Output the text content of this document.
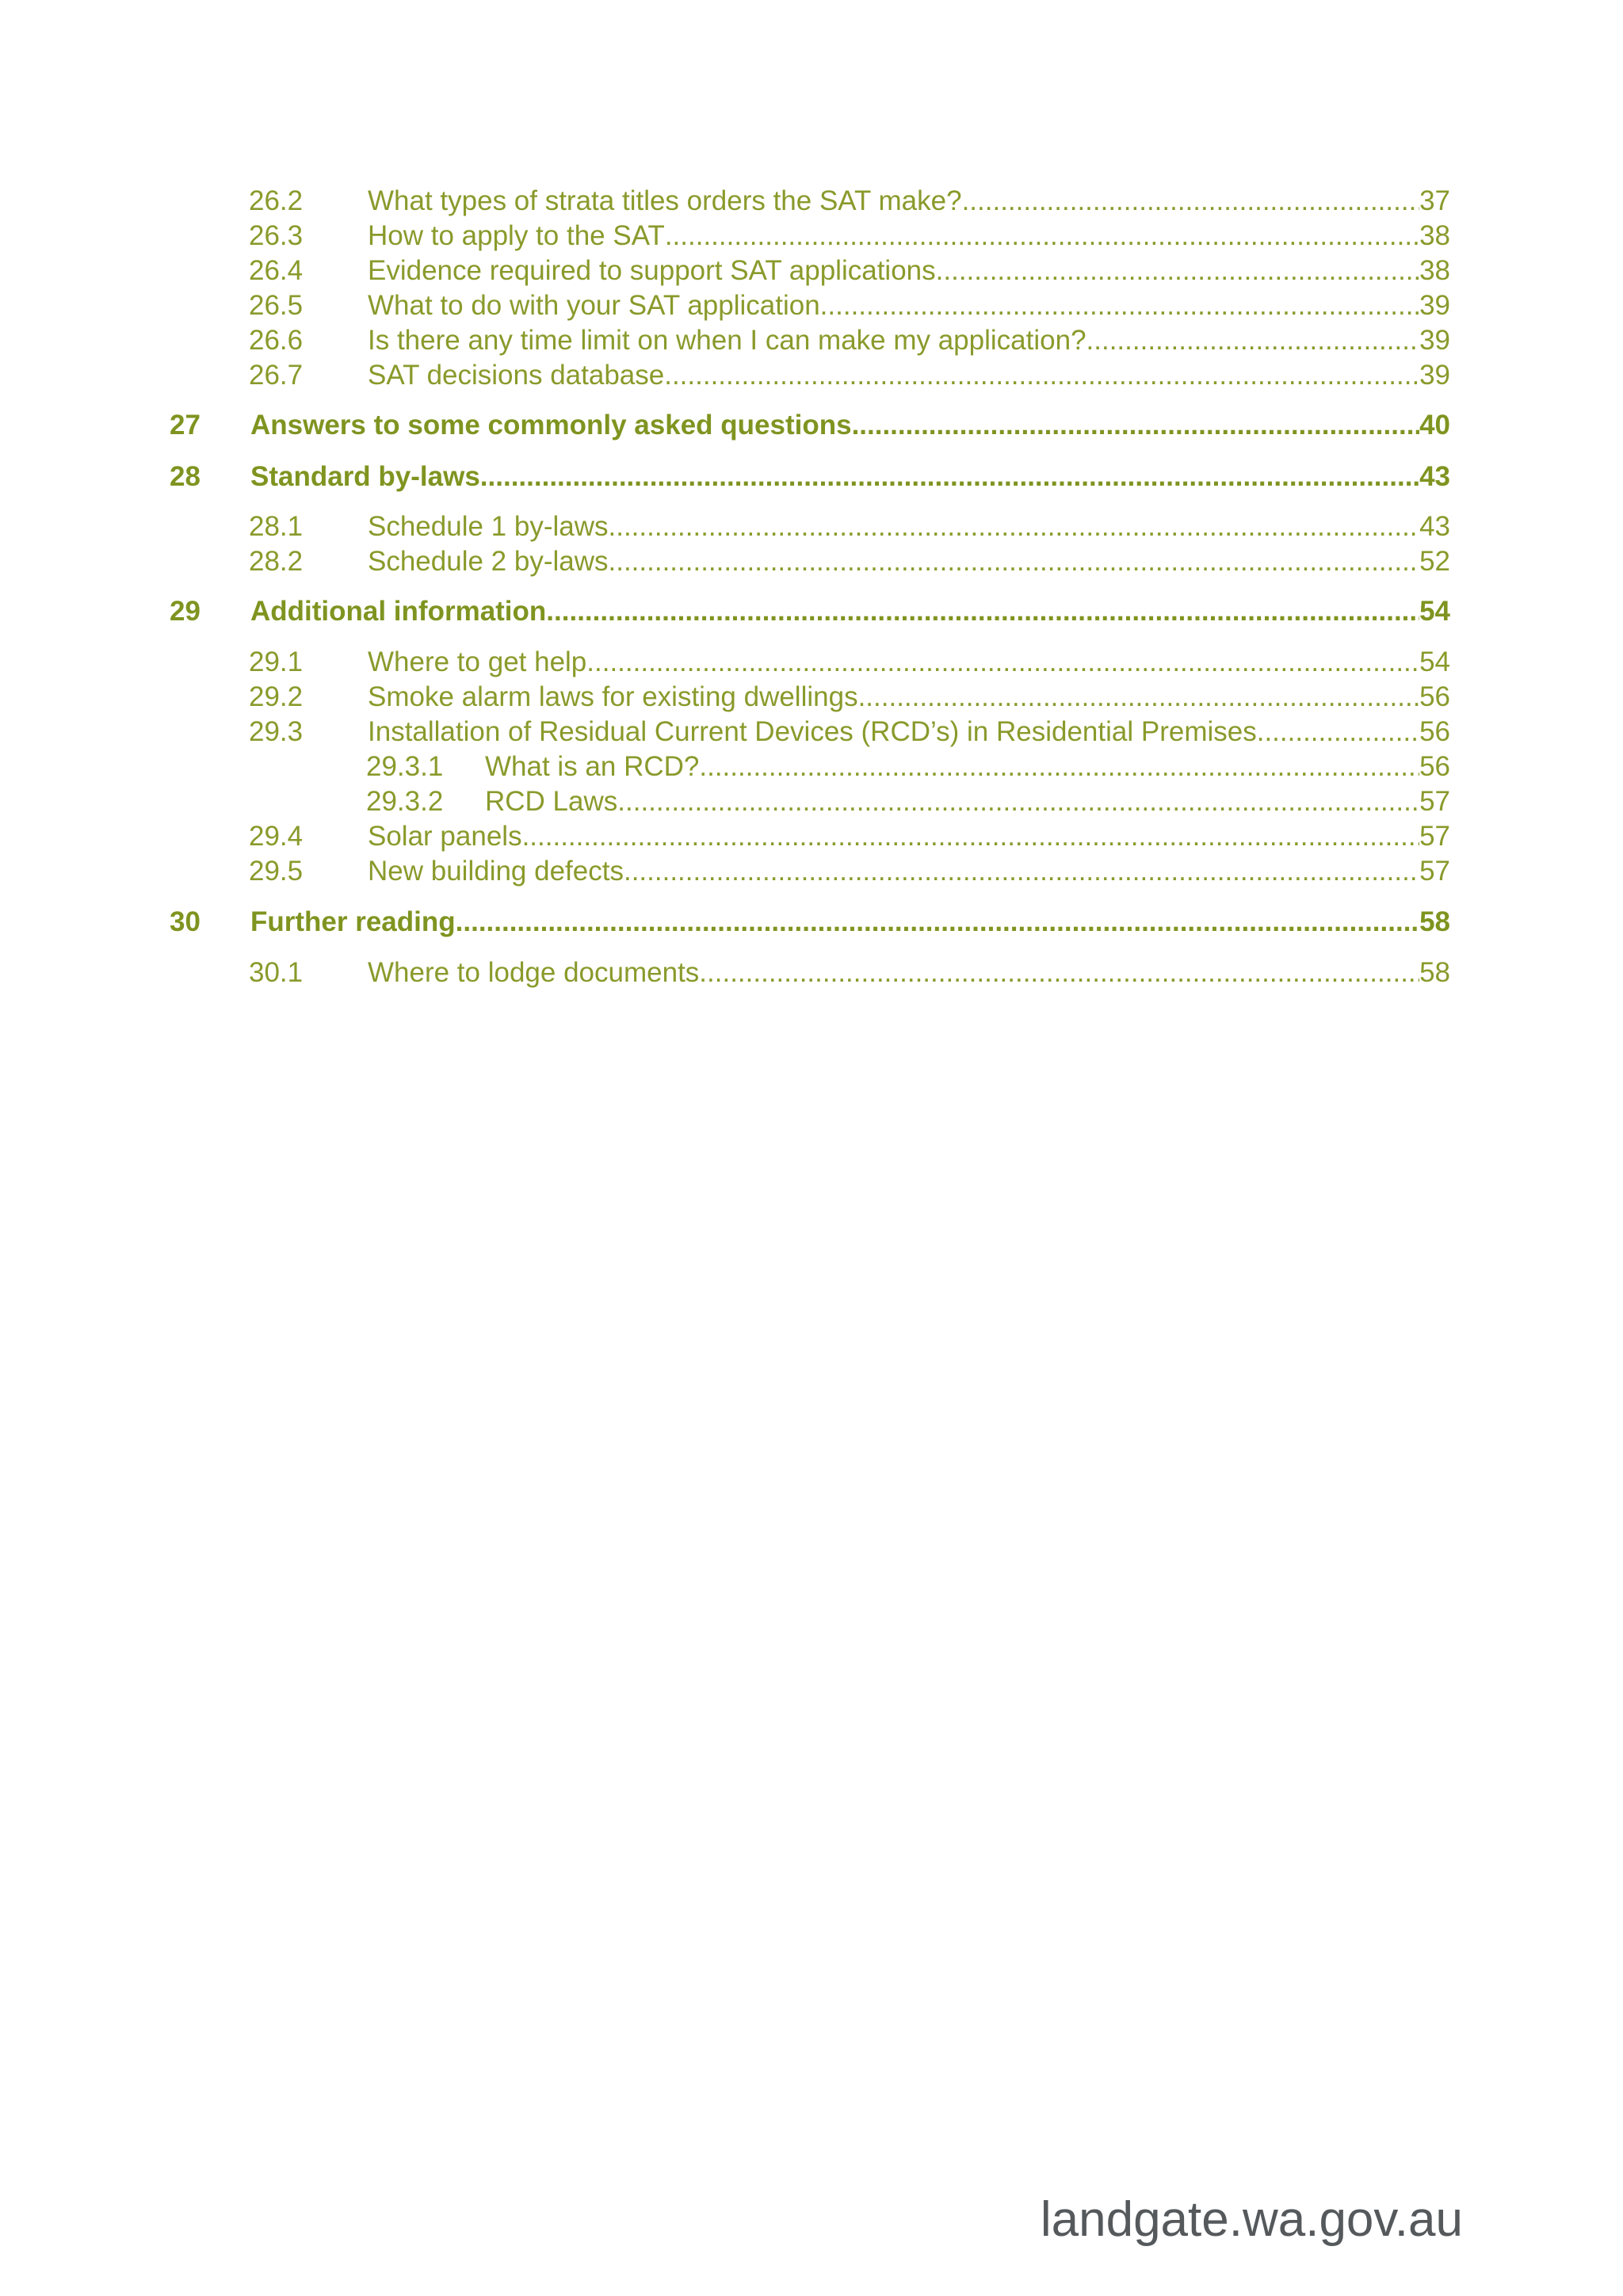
26.2 What types of strata titles orders the SAT make? .....	37
26.3 How to apply to the SAT .....	38
26.4 Evidence required to support SAT applications .....	38
26.5 What to do with your SAT application .....	39
26.6 Is there any time limit on when I can make my application? .....	39
26.7 SAT decisions database .....	39
27 Answers to some commonly asked questions .....	40
28 Standard by-laws .....	43
28.1 Schedule 1 by-laws .....	43
28.2 Schedule 2 by-laws .....	52
29 Additional information .....	54
29.1 Where to get help .....	54
29.2 Smoke alarm laws for existing dwellings .....	56
29.3 Installation of Residual Current Devices (RCD’s) in Residential Premises .....	56
29.3.1 What is an RCD? .....	56
29.3.2 RCD Laws .....	57
29.4 Solar panels .....	57
29.5 New building defects .....	57
30 Further reading .....	58
30.1 Where to lodge documents .....	58
landgate.wa.gov.au
